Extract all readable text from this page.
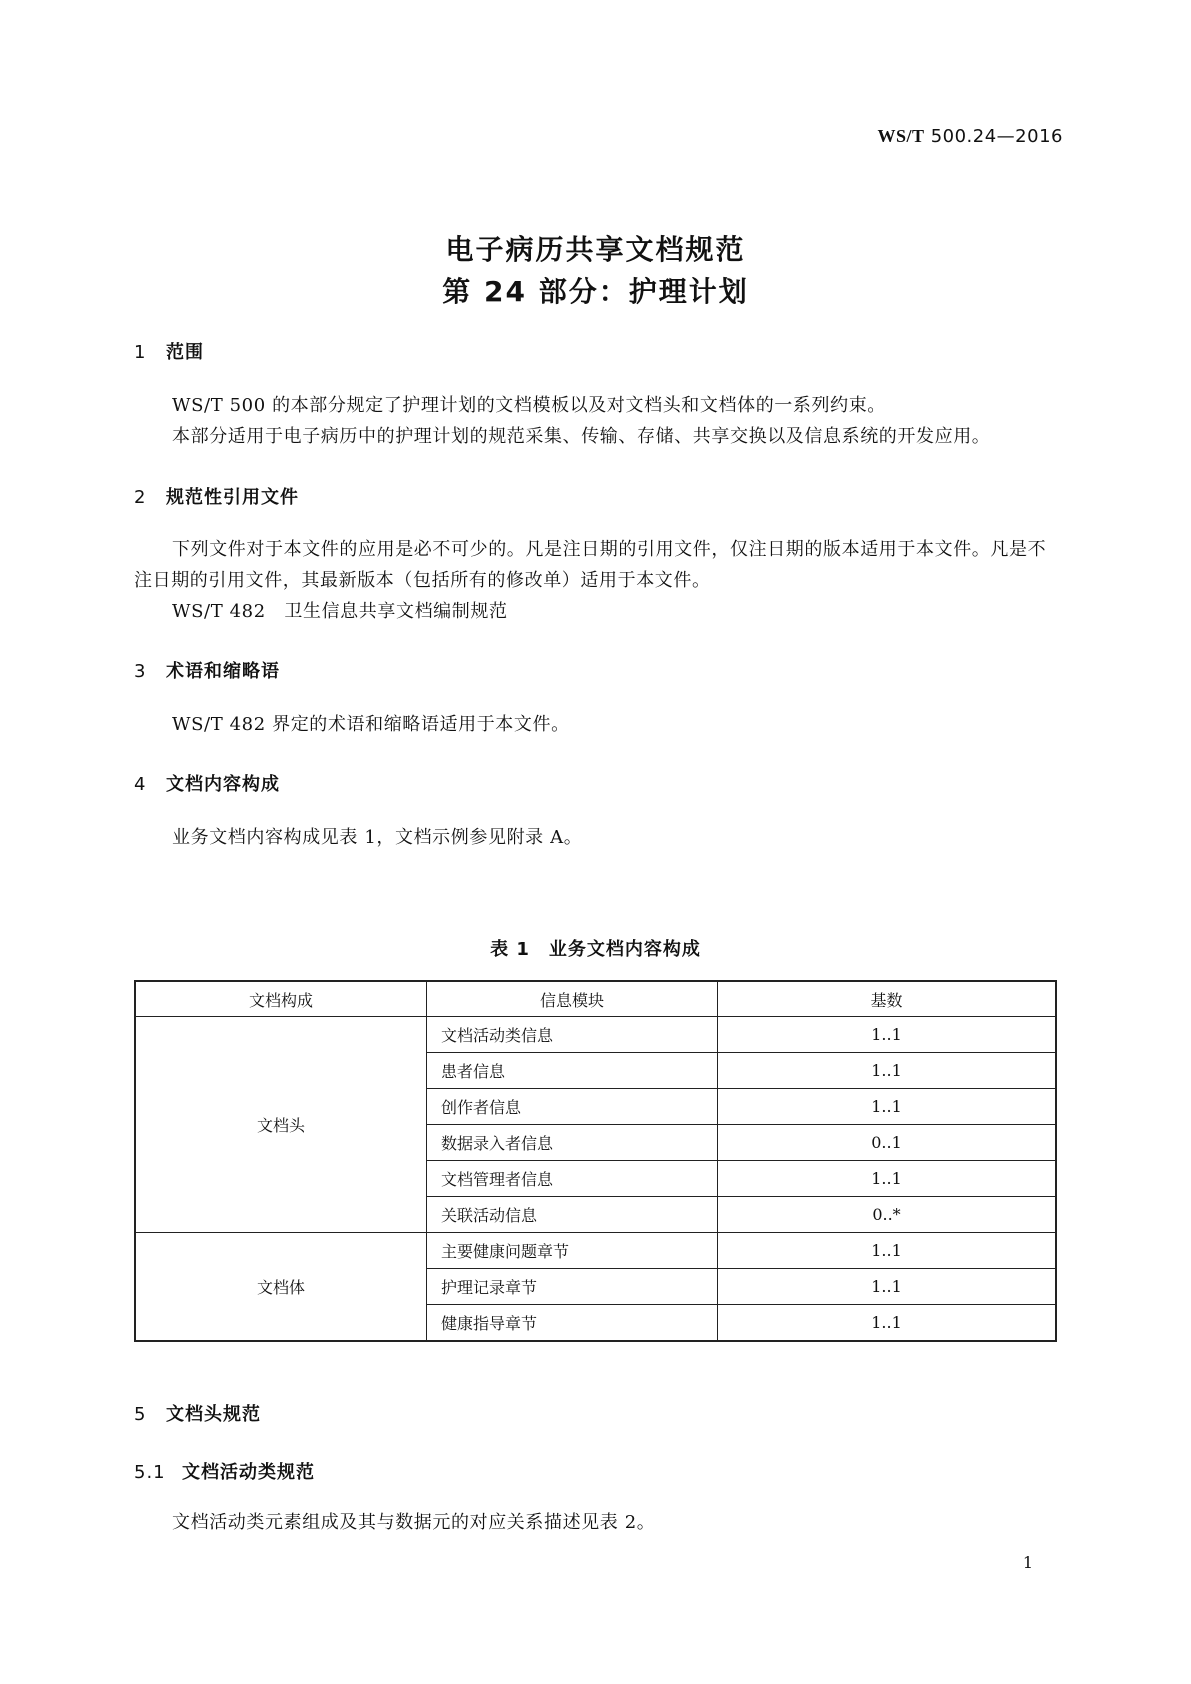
WS/T 500.24—2016
电子病历共享文档规范
第 24 部分：护理计划
1 范围

WS/T 500 的本部分规定了护理计划的文档模板以及对文档头和文档体的一系列约束。

本部分适用于电子病历中的护理计划的规范采集、传输、存储、共享交换以及信息系统的开发应用。

2 规范性引用文件

下列文件对于本文件的应用是必不可少的。凡是注日期的引用文件，仅注日期的版本适用于本文件。凡是不注日期的引用文件，其最新版本（包括所有的修改单）适用于本文件。

WS/T 482　卫生信息共享文档编制规范

3 术语和缩略语

WS/T 482 界定的术语和缩略语适用于本文件。

4 文档内容构成

业务文档内容构成见表 1，文档示例参见附录 A。

表 1　业务文档内容构成
文档构成	信息模块	基数
文档头	文档活动类信息	1..1
	患者信息	1..1
	创作者信息	1..1
	数据录入者信息	0..1
	文档管理者信息	1..1
	关联活动信息	0..*
文档体	主要健康问题章节	1..1
	护理记录章节	1..1
	健康指导章节	1..1
5 文档头规范
5.1 文档活动类规范

文档活动类元素组成及其与数据元的对应关系描述见表 2。

1
